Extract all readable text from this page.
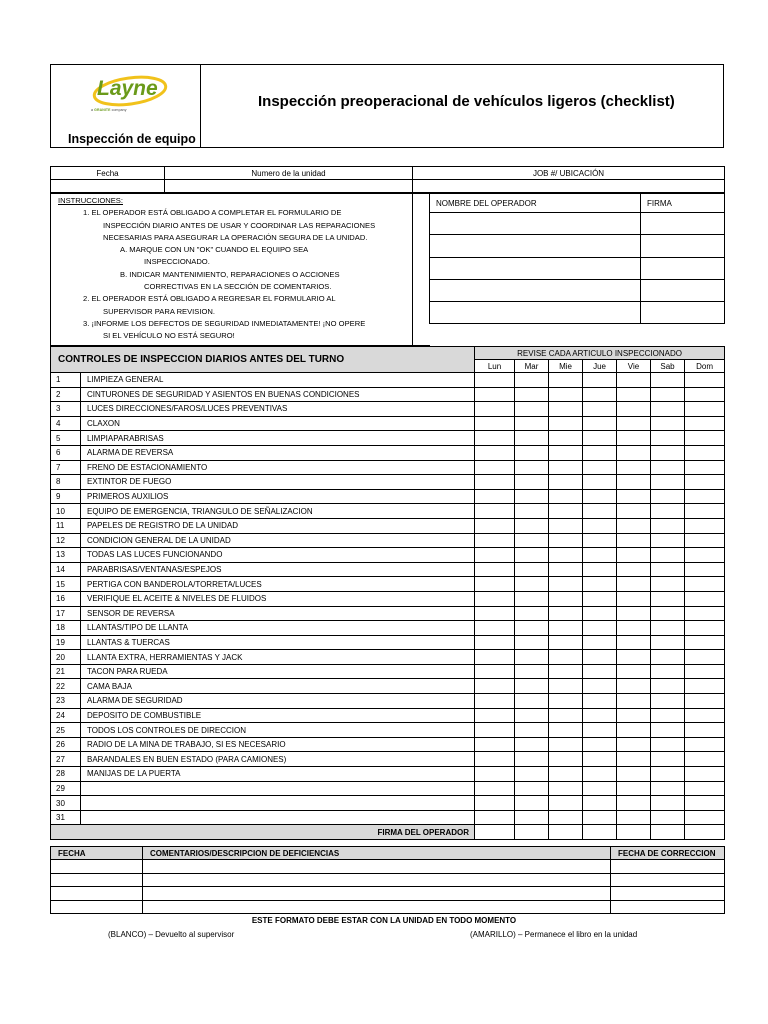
Layne
a GRANITE company
Inspección de equipo
Inspección preoperacional de vehículos ligeros (checklist)
Fecha	Numero de la unidad	JOB #/ UBICACIÓN

INSTRUCCIONES:
1. EL OPERADOR ESTÁ OBLIGADO A COMPLETAR EL FORMULARIO DE
INSPECCIÓN DIARIO ANTES DE USAR Y COORDINAR LAS REPARACIONES
NECESARIAS PARA ASEGURAR LA OPERACIÓN SEGURA DE LA UNIDAD.
A. MARQUE CON UN "OK" CUANDO EL EQUIPO SEA
INSPECCIONADO.
B. INDICAR MANTENIMIENTO, REPARACIONES O ACCIONES
CORRECTIVAS EN LA SECCIÓN DE COMENTARIOS.
2. EL OPERADOR ESTÁ OBLIGADO A REGRESAR EL FORMULARIO AL
SUPERVISOR PARA REVISION.
3. ¡INFORME LOS DEFECTOS DE SEGURIDAD INMEDIATAMENTE! ¡NO OPERE
SI EL VEHÍCULO NO ESTÁ SEGURO!
NOMBRE DEL OPERADOR	FIRMA

CONTROLES DE INSPECCION DIARIOS ANTES DEL TURNO		REVISE CADA ARTICULO INSPECCIONADO						
		Lun	Mar	Mie	Jue	Vie	Sab	Dom
1	LIMPIEZA GENERAL							
2	CINTURONES DE SEGURIDAD Y ASIENTOS EN BUENAS CONDICIONES							
3	LUCES DIRECCIONES/FAROS/LUCES PREVENTIVAS							
4	CLAXON							
5	LIMPIAPARABRISAS							
6	ALARMA DE REVERSA							
7	FRENO DE ESTACIONAMIENTO							
8	EXTINTOR DE FUEGO							
9	PRIMEROS AUXILIOS							
10	EQUIPO DE EMERGENCIA, TRIANGULO DE SEÑALIZACION							
11	PAPELES DE REGISTRO DE LA UNIDAD							
12	CONDICION GENERAL DE LA UNIDAD							
13	TODAS LAS LUCES FUNCIONANDO							
14	PARABRISAS/VENTANAS/ESPEJOS							
15	PERTIGA CON BANDEROLA/TORRETA/LUCES							
16	VERIFIQUE EL ACEITE & NIVELES DE FLUIDOS							
17	SENSOR DE REVERSA							
18	LLANTAS/TIPO DE LLANTA							
19	LLANTAS & TUERCAS							
20	LLANTA EXTRA, HERRAMIENTAS Y JACK							
21	TACON PARA RUEDA							
22	CAMA BAJA							
23	ALARMA DE SEGURIDAD							
24	DEPOSITO DE COMBUSTIBLE							
25	TODOS LOS CONTROLES DE DIRECCION							
26	RADIO DE LA MINA DE TRABAJO, SI ES NECESARIO							
27	BARANDALES EN BUEN ESTADO (PARA CAMIONES)							
28	MANIJAS DE LA PUERTA							
29								
30								
31								
FIRMA DEL OPERADOR								
FECHA	COMENTARIOS/DESCRIPCION DE DEFICIENCIAS	FECHA DE CORRECCION

ESTE FORMATO DEBE ESTAR CON LA UNIDAD EN TODO MOMENTO
(BLANCO) – Devuelto al supervisor	(AMARILLO) – Permanece el libro en la unidad
